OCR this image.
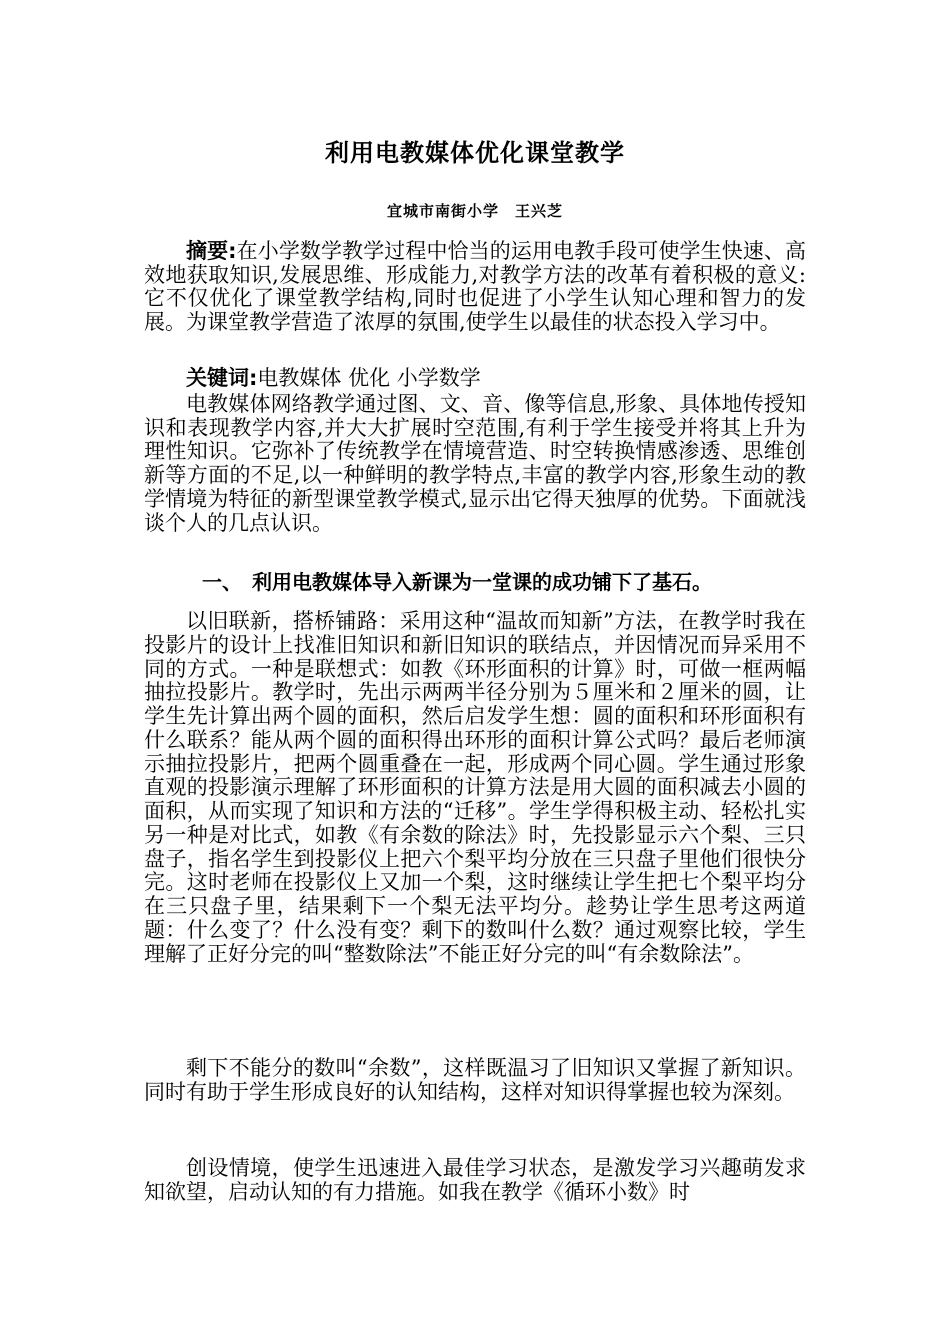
利用电教媒体优化课堂教学
宜城市南街小学　王兴芝

摘要:在小学数学教学过程中恰当的运用电教手段可使学生快速、高效地获取知识,发展思维、形成能力,对教学方法的改革有着积极的意义:它不仅优化了课堂教学结构,同时也促进了小学生认知心理和智力的发展。为课堂教学营造了浓厚的氛围,使学生以最佳的状态投入学习中。

关键词:电教媒体 优化 小学数学

电教媒体网络教学通过图、文、音、像等信息,形象、具体地传授知识和表现教学内容,并大大扩展时空范围,有利于学生接受并将其上升为理性知识。它弥补了传统教学在情境营造、时空转换情感渗透、思维创新等方面的不足,以一种鲜明的教学特点,丰富的教学内容,形象生动的教学情境为特征的新型课堂教学模式,显示出它得天独厚的优势。下面就浅谈个人的几点认识。

一、　利用电教媒体导入新课为一堂课的成功铺下了基石。

以旧联新，搭桥铺路：采用这种“温故而知新”方法，在教学时我在投影片的设计上找准旧知识和新旧知识的联结点，并因情况而异采用不同的方式。一种是联想式：如教《环形面积的计算》时，可做一框两幅抽拉投影片。教学时，先出示两两半径分别为５厘米和２厘米的圆，让学生先计算出两个圆的面积，然后启发学生想：圆的面积和环形面积有什么联系？能从两个圆的面积得出环形的面积计算公式吗？最后老师演示抽拉投影片，把两个圆重叠在一起，形成两个同心圆。学生通过形象直观的投影演示理解了环形面积的计算方法是用大圆的面积减去小圆的面积，从而实现了知识和方法的“迁移”。学生学得积极主动、轻松扎实另一种是对比式，如教《有余数的除法》时，先投影显示六个梨、三只盘子，指名学生到投影仪上把六个梨平均分放在三只盘子里他们很快分完。这时老师在投影仪上又加一个梨，这时继续让学生把七个梨平均分在三只盘子里，结果剩下一个梨无法平均分。趁势让学生思考这两道题：什么变了？什么没有变？剩下的数叫什么数？通过观察比较，学生理解了正好分完的叫“整数除法”不能正好分完的叫“有余数除法”。

剩下不能分的数叫“余数”，这样既温习了旧知识又掌握了新知识。同时有助于学生形成良好的认知结构，这样对知识得掌握也较为深刻。

创设情境，使学生迅速进入最佳学习状态，是激发学习兴趣萌发求知欲望，启动认知的有力措施。如我在教学《循环小数》时
